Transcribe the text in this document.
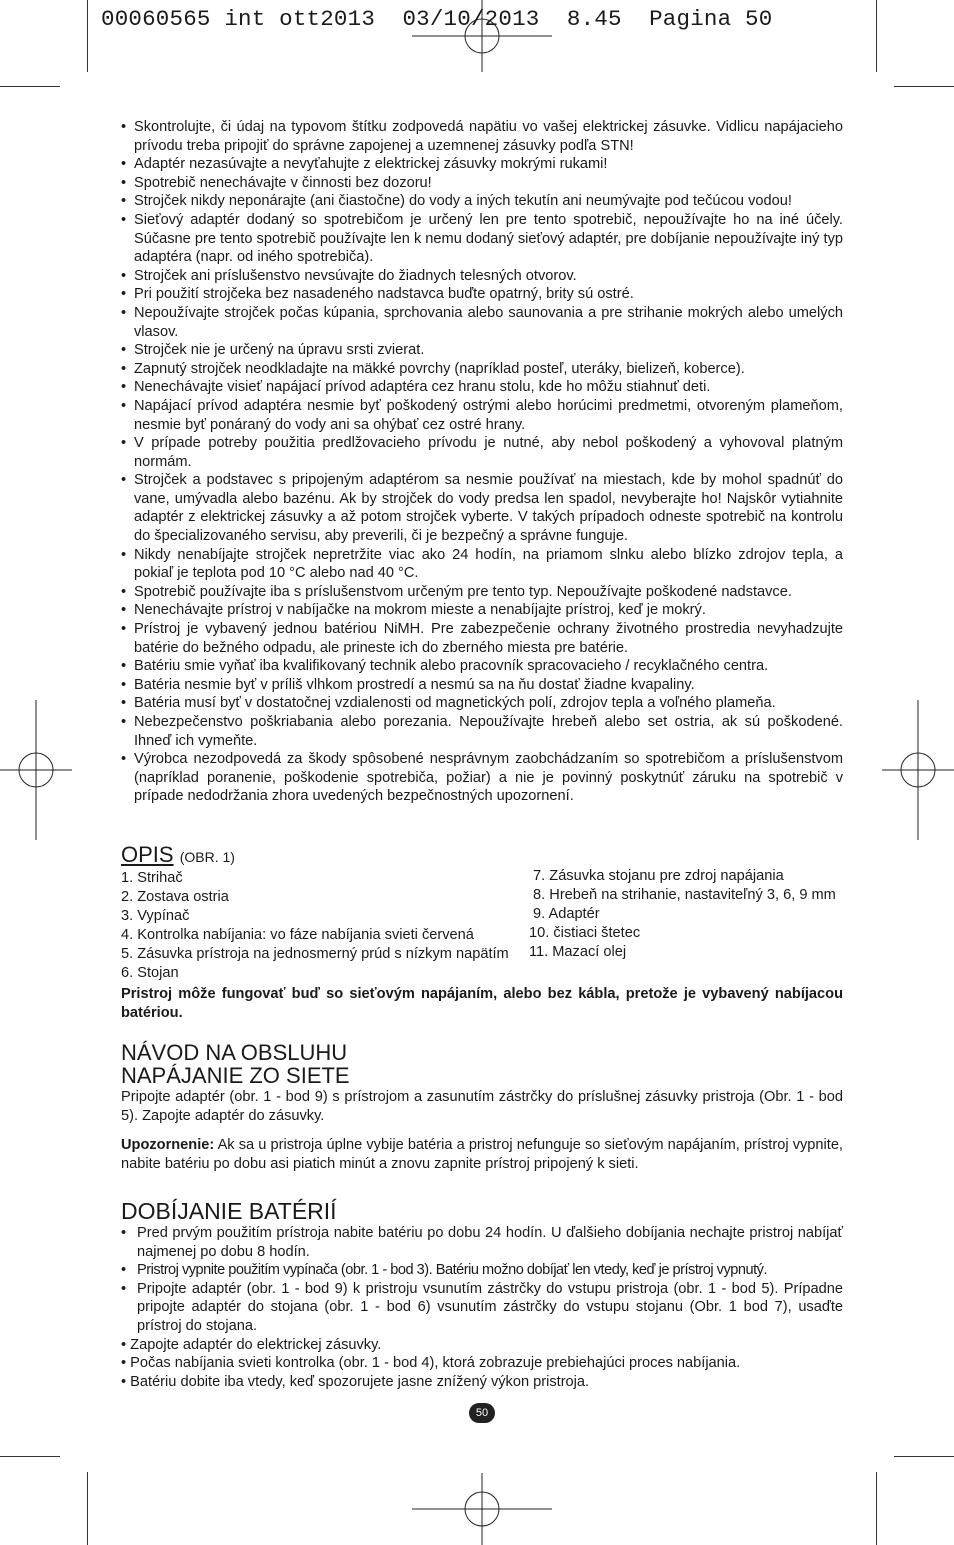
00060565 int ott2013  03/10/2013  8.45  Pagina 50
• Skontrolujte, či údaj na typovom štítku zodpovedá napätiu vo vašej elektrickej zásuvke. Vidlicu napájacieho prívodu treba pripojiť do správne zapojenej a uzemnenej zásuvky podľa STN!
• Adaptér nezasúvajte a nevyťahujte z elektrickej zásuvky mokrými rukami!
• Spotrebič nenechávajte v činnosti bez dozoru!
• Strojček nikdy neponárajte (ani čiastočne) do vody a iných tekutín ani neumývajte pod tečúcou vodou!
• Sieťový adaptér dodaný so spotrebičom je určený len pre tento spotrebič, nepoužívajte ho na iné účely. Súčasne pre tento spotrebič používajte len k nemu dodaný sieťový adaptér, pre dobíjanie nepoužívajte iný typ adaptéra (napr. od iného spotrebiča).
• Strojček ani príslušenstvo nevsúvajte do žiadnych telesných otvorov.
• Pri použití strojčeka bez nasadeného nadstavca buďte opatrný, brity sú ostré.
• Nepoužívajte strojček počas kúpania, sprchovania alebo saunovania a pre strihanie mokrých alebo umelých vlasov.
• Strojček nie je určený na úpravu srsti zvierat.
• Zapnutý strojček neodkladajte na mäkké povrchy (napríklad posteľ, uteráky, bielizeň, koberce).
• Nenechávajte visieť napájací prívod adaptéra cez hranu stolu, kde ho môžu stiahnuť deti.
• Napájací prívod adaptéra nesmie byť poškodený ostrými alebo horúcimi predmetmi, otvoreným plameňom, nesmie byť ponáraný do vody ani sa ohýbať cez ostré hrany.
• V prípade potreby použitia predlžovacieho prívodu je nutné, aby nebol poškodený a vyhovoval platným normám.
• Strojček a podstavec s pripojeným adaptérom sa nesmie používať na miestach, kde by mohol spadnúť do vane, umývadla alebo bazénu. Ak by strojček do vody predsa len spadol, nevyberajte ho! Najskôr vytiahnite adaptér z elektrickej zásuvky a až potom strojček vyberte. V takých prípadoch odneste spotrebič na kontrolu do špecializovaného servisu, aby preverili, či je bezpečný a správne funguje.
• Nikdy nenabíjajte strojček nepretržite viac ako 24 hodín, na priamom slnku alebo blízko zdrojov tepla, a pokiaľ je teplota pod 10 °C alebo nad 40 °C.
• Spotrebič používajte iba s príslušenstvom určeným pre tento typ. Nepoužívajte poškodené nadstavce.
• Nenechávajte prístroj v nabíjačke na mokrom mieste a nenabíjajte prístroj, keď je mokrý.
• Prístroj je vybavený jednou batériou NiMH. Pre zabezpečenie ochrany životného prostredia nevyhadzujte batérie do bežného odpadu, ale prineste ich do zberného miesta pre batérie.
• Batériu smie vyňať iba kvalifikovaný technik alebo pracovník spracovacieho / recyklačného centra.
• Batéria nesmie byť v príliš vlhkom prostredí a nesmú sa na ňu dostať žiadne kvapaliny.
• Batéria musí byť v dostatočnej vzdialenosti od magnetických polí, zdrojov tepla a voľného plameňa.
• Nebezpečenstvo poškriabania alebo porezania. Nepoužívajte hrebeň alebo set ostria, ak sú poškodené. Ihneď ich vymeňte.
• Výrobca nezodpovedá za škody spôsobené nesprávnym zaobchádzaním so spotrebičom a príslušenstvom (napríklad poranenie, poškodenie spotrebiča, požiar) a nie je povinný poskytnúť záruku na spotrebič v prípade nedodržania zhora uvedených bezpečnostných upozornení.
OPIS (OBR. 1)
1. Strihač
2. Zostava ostria
3. Vypínač
4. Kontrolka nabíjania: vo fáze nabíjania svieti červená
5. Zásuvka prístroja na jednosmerný prúd s nízkym napätím
6. Stojan
7. Zásuvka stojanu pre zdroj napájania
8. Hrebeň na strihanie, nastaviteľný 3, 6, 9 mm
9. Adaptér
10. čistiaci štetec
11. Mazací olej
Pristroj môže fungovať buď so sieťovým napájaním, alebo bez kábla, pretože je vybavený nabíjacou batériou.
NÁVOD NA OBSLUHU
NAPÁJANIE ZO SIETE
Pripojte adaptér (obr. 1 - bod 9) s prístrojom a zasunutím zástrčky do príslušnej zásuvky pristroja (Obr. 1 - bod 5). Zapojte adaptér do zásuvky.
Upozornenie: Ak sa u pristroja úplne vybije batéria a pristroj nefunguje so sieťovým napájaním, prístroj vypnite, nabite batériu po dobu asi piatich minút a znovu zapnite prístroj pripojený k sieti.
DOBÍJANIE BATÉRIÍ
• Pred prvým použitím prístroja nabite batériu po dobu 24 hodín. U ďalšieho dobíjania nechajte pristroj nabíjať najmenej po dobu 8 hodín.
• Pristroj vypnite použitím vypínača (obr. 1 - bod 3). Batériu možno dobíjať len vtedy, keď je prístroj vypnutý.
• Pripojte adaptér (obr. 1 - bod 9) k pristroju vsunutím zástrčky do vstupu pristroja (obr. 1 - bod 5). Prípadne pripojte adaptér do stojana (obr. 1 - bod 6) vsunutím zástrčky do vstupu stojanu (Obr. 1 bod 7), usaďte prístroj do stojana.
• Zapojte adaptér do elektrickej zásuvky.
• Počas nabíjania svieti kontrolka (obr. 1 - bod 4), ktorá zobrazuje prebiehajúci proces nabíjania.
• Batériu dobite iba vtedy, keď spozorujete jasne znížený výkon pristroja.
50
